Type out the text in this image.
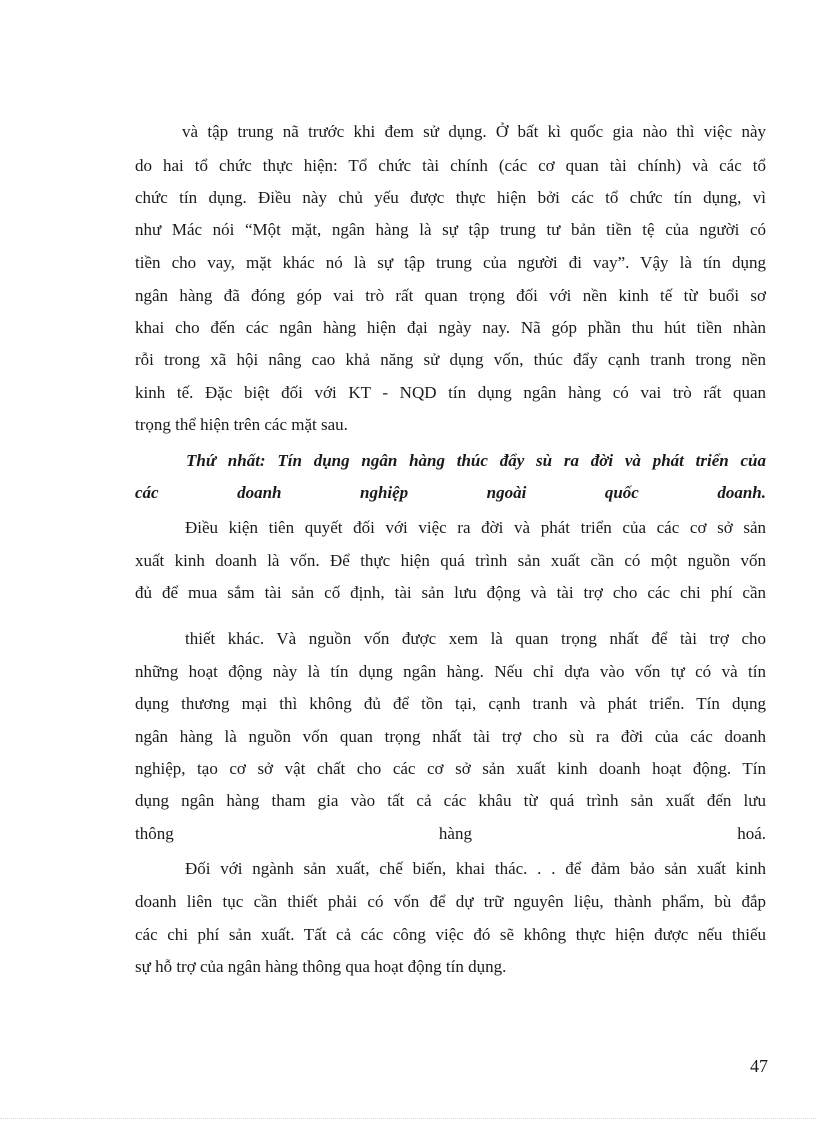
và tập trung nã trước khi đem sử dụng. Ở bất kì quốc gia nào thì việc này

do hai tổ chức thực hiện: Tổ chức tài chính (các cơ quan tài chính) và các tổ

chức tín dụng. Điều này chủ yếu được thực hiện bởi các tổ chức tín dụng, vì

như Mác nói “Một mặt, ngân hàng là sự tập trung tư bản tiền tệ của người có

tiền cho vay, mặt khác nó là sự tập trung của người đi vay”. Vậy là tín dụng

ngân hàng đã đóng góp vai trò rất quan trọng đối với nền kinh tế từ buổi sơ

khai cho đến các ngân hàng hiện đại ngày nay. Nã góp phần thu hút tiền nhàn

rỗi trong xã hội nâng cao khả năng sử dụng vốn, thúc đẩy cạnh tranh trong nền

kinh tế. Đặc biệt đối với KT - NQD tín dụng ngân hàng có vai trò rất quan

trọng thể hiện trên các mặt sau.

Thứ nhất: Tín dụng ngân hàng thúc đẩy sù ra đời và phát triển của

các doanh nghiệp ngoài quốc doanh.

Điều kiện tiên quyết đối với việc ra đời và phát triển của các cơ sở sản

xuất kinh doanh là vốn. Để thực hiện quá trình sản xuất cần có một nguồn vốn

đủ để mua sắm tài sản cố định, tài sản lưu động và tài trợ cho các chi phí cần

thiết khác. Và nguồn vốn được xem là quan trọng nhất để tài trợ cho

những hoạt động này là tín dụng ngân hàng. Nếu chỉ dựa vào vốn tự có và tín

dụng thương mại thì không đủ để tồn tại, cạnh tranh và phát triển. Tín dụng

ngân hàng là nguồn vốn quan trọng nhất tài trợ cho sù ra đời của các doanh

nghiệp, tạo cơ sở vật chất cho các cơ sở sản xuất kinh doanh hoạt động. Tín

dụng ngân hàng tham gia vào tất cả các khâu từ quá trình sản xuất đến lưu

thông hàng hoá.

Đối với ngành sản xuất, chế biến, khai thác. . . để đảm bảo sản xuất kinh

doanh liên tục cần thiết phải có vốn để dự trữ nguyên liệu, thành phẩm, bù đắp

các chi phí sản xuất. Tất cả các công việc đó sẽ không thực hiện được nếu thiếu

sự hỗ trợ của ngân hàng thông qua hoạt động tín dụng.

47
